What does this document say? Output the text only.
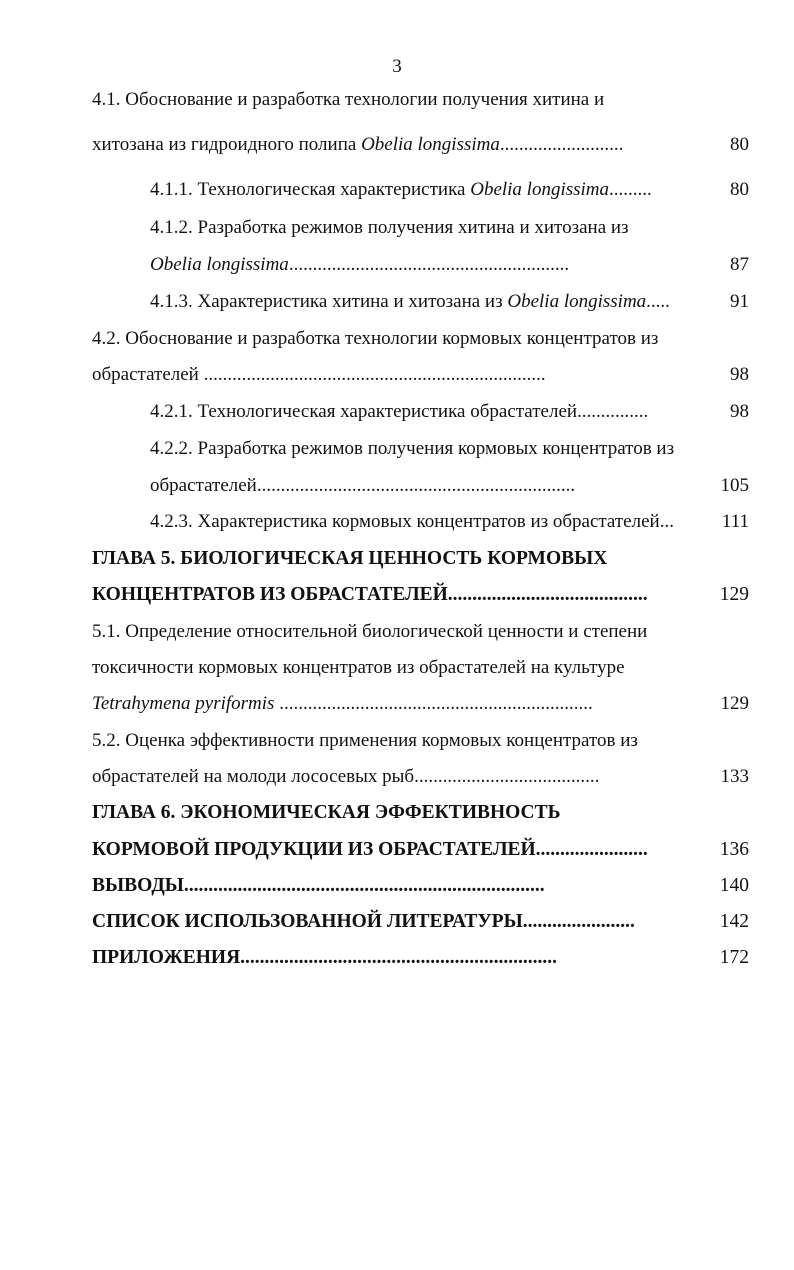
3
4.1. Обоснование и разработка технологии получения хитина и
хитозана из гидроидного полипа Obelia longissima..........................	80
4.1.1. Технологическая характеристика Obelia longissima.........	80
4.1.2. Разработка режимов получения хитина и хитозана из
Obelia longissima...........................................................	87
4.1.3. Характеристика хитина и хитозана из Obelia longissima.....	91
4.2. Обоснование и разработка технологии кормовых концентратов из
обрастателей ........................................................................	98
4.2.1. Технологическая характеристика обрастателей...............	98
4.2.2. Разработка режимов получения кормовых концентратов из
обрастателей...................................................................	105
4.2.3. Характеристика кормовых концентратов из обрастателей...	111
ГЛАВА 5. БИОЛОГИЧЕСКАЯ ЦЕННОСТЬ КОРМОВЫХ
КОНЦЕНТРАТОВ ИЗ ОБРАСТАТЕЛЕЙ.........................................	129
5.1. Определение относительной биологической ценности и степени
токсичности кормовых концентратов из обрастателей на культуре
Tetrahymena pyriformis ..................................................................	129
5.2. Оценка эффективности применения кормовых концентратов из
обрастателей на молоди лососевых рыб.......................................	133
ГЛАВА 6. ЭКОНОМИЧЕСКАЯ ЭФФЕКТИВНОСТЬ
КОРМОВОЙ ПРОДУКЦИИ ИЗ ОБРАСТАТЕЛЕЙ.......................	136
ВЫВОДЫ..........................................................................	140
СПИСОК ИСПОЛЬЗОВАННОЙ ЛИТЕРАТУРЫ.......................	142
ПРИЛОЖЕНИЯ.................................................................	172
